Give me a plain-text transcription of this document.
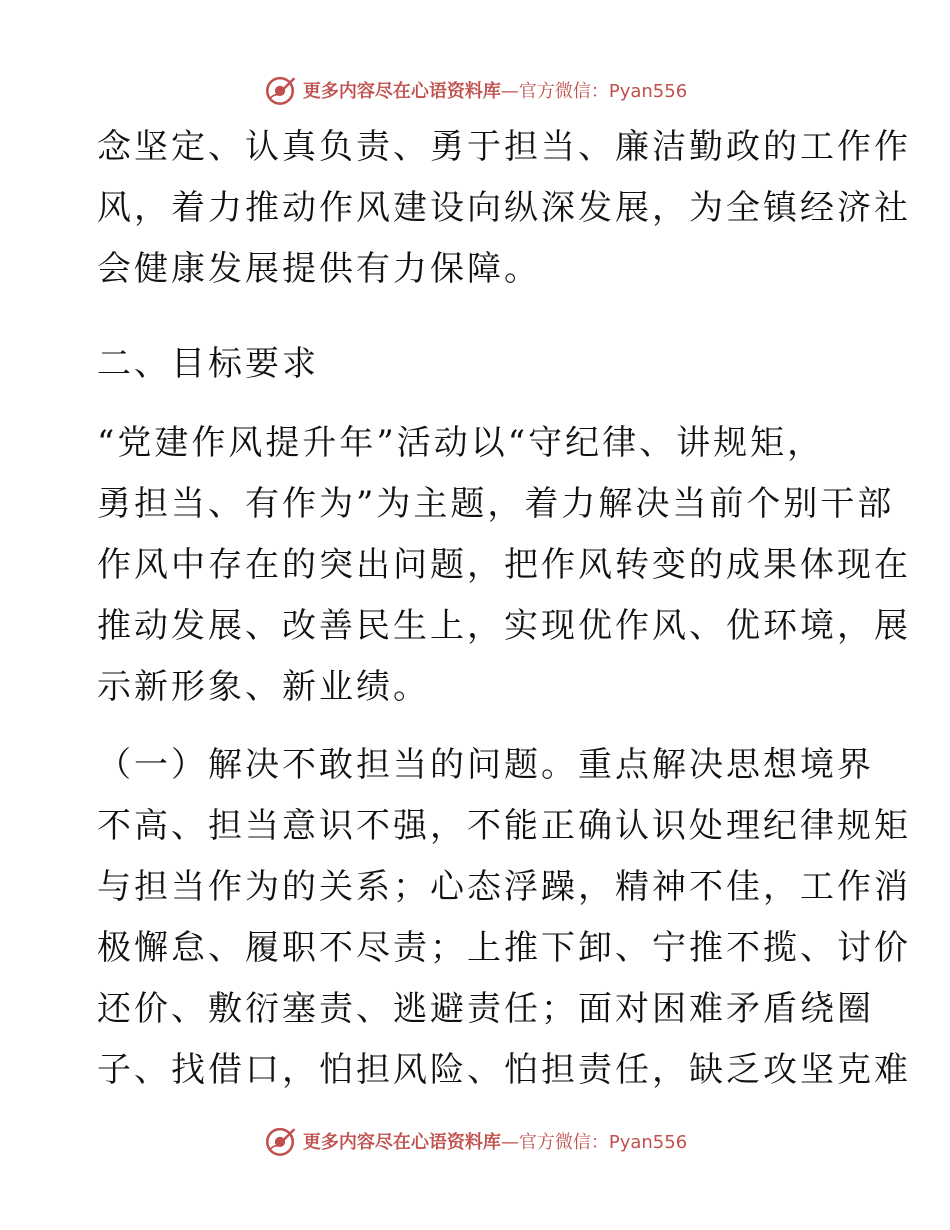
更多内容尽在心语资料库—官方微信：Pyan556
念坚定、认真负责、勇于担当、廉洁勤政的工作作
风，着力推动作风建设向纵深发展，为全镇经济社
会健康发展提供有力保障。
二、目标要求
“党建作风提升年”活动以“守纪律、讲规矩，
勇担当、有作为”为主题，着力解决当前个别干部
作风中存在的突出问题，把作风转变的成果体现在
推动发展、改善民生上，实现优作风、优环境，展
示新形象、新业绩。
（一）解决不敢担当的问题。重点解决思想境界
不高、担当意识不强，不能正确认识处理纪律规矩
与担当作为的关系；心态浮躁，精神不佳，工作消
极懈怠、履职不尽责；上推下卸、宁推不揽、讨价
还价、敷衍塞责、逃避责任；面对困难矛盾绕圈
子、找借口，怕担风险、怕担责任，缺乏攻坚克难
更多内容尽在心语资料库—官方微信：Pyan556
